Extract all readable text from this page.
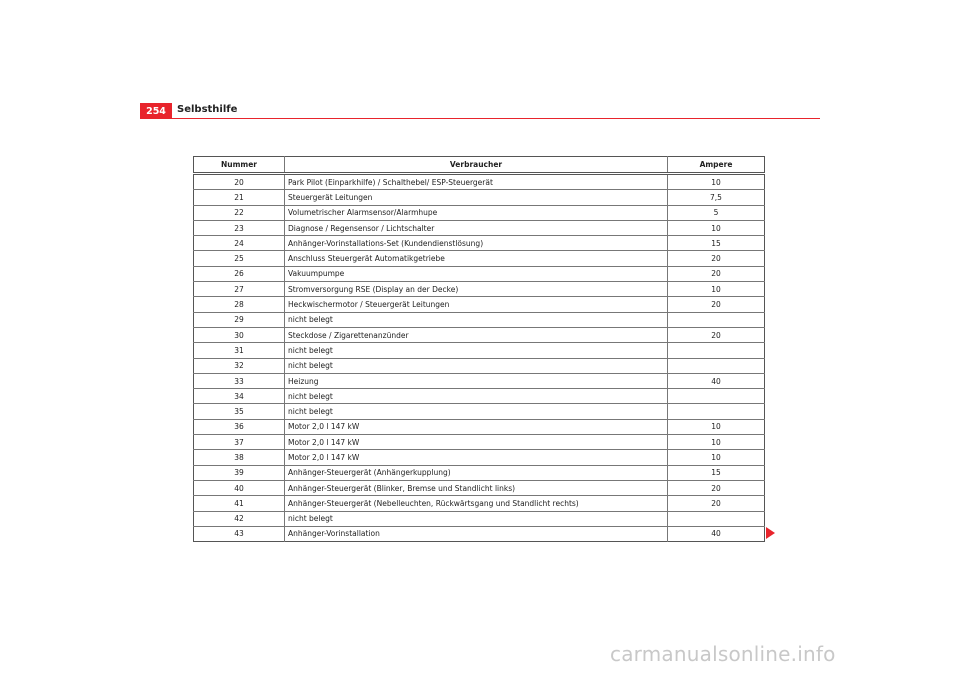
254	Selbsthilfe
Nummer	Verbraucher	Ampere
20	Park Pilot (Einparkhilfe) / Schalthebel/ ESP-Steuergerät	10
21	Steuergerät Leitungen	7,5
22	Volumetrischer Alarmsensor/Alarmhupe	5
23	Diagnose / Regensensor / Lichtschalter	10
24	Anhänger-Vorinstallations-Set (Kundendienstlösung)	15
25	Anschluss Steuergerät Automatikgetriebe	20
26	Vakuumpumpe	20
27	Stromversorgung RSE (Display an der Decke)	10
28	Heckwischermotor / Steuergerät Leitungen	20
29	nicht belegt	
30	Steckdose / Zigarettenanzünder	20
31	nicht belegt	
32	nicht belegt	
33	Heizung	40
34	nicht belegt	
35	nicht belegt	
36	Motor 2,0 l 147 kW	10
37	Motor 2,0 l 147 kW	10
38	Motor 2,0 l 147 kW	10
39	Anhänger-Steuergerät (Anhängerkupplung)	15
40	Anhänger-Steuergerät (Blinker, Bremse und Standlicht links)	20
41	Anhänger-Steuergerät (Nebelleuchten, Rückwärtsgang und Standlicht rechts)	20
42	nicht belegt	
43	Anhänger-Vorinstallation	40
carmanualsonline.info
